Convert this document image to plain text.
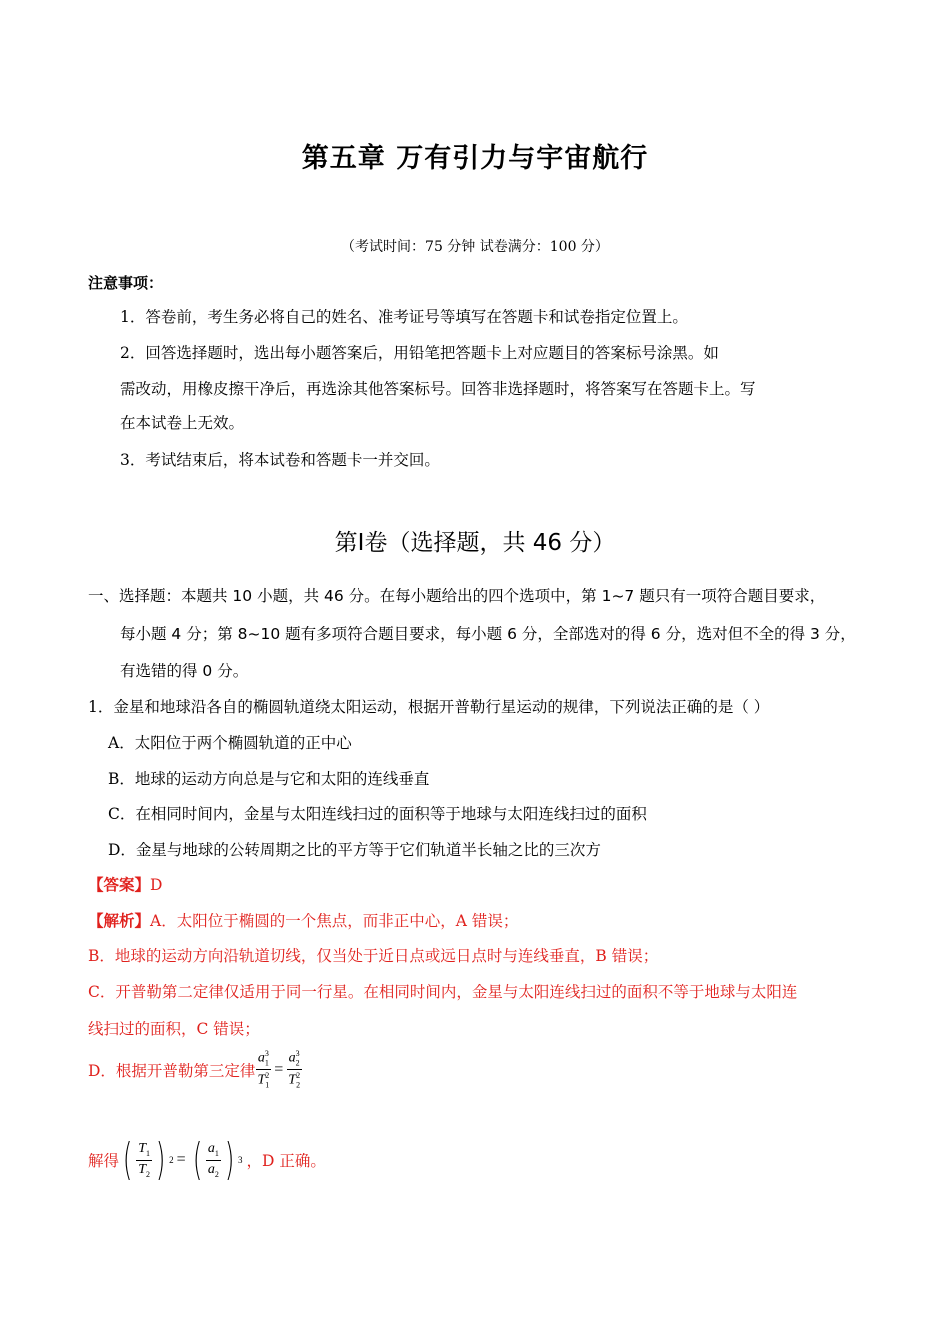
第五章 万有引力与宇宙航行
（考试时间：75 分钟 试卷满分：100 分）
注意事项：
1．答卷前，考生务必将自己的姓名、准考证号等填写在答题卡和试卷指定位置上。
2．回答选择题时，选出每小题答案后，用铅笔把答题卡上对应题目的答案标号涂黑。如
需改动，用橡皮擦干净后，再选涂其他答案标号。回答非选择题时，将答案写在答题卡上。写
在本试卷上无效。
3．考试结束后，将本试卷和答题卡一并交回。
第Ⅰ卷（选择题，共 46 分）
一、选择题：本题共 10 小题，共 46 分。在每小题给出的四个选项中，第 1~7 题只有一项符合题目要求，
每小题 4 分；第 8~10 题有多项符合题目要求，每小题 6 分，全部选对的得 6 分，选对但不全的得 3 分，
有选错的得 0 分。
1．金星和地球沿各自的椭圆轨道绕太阳运动，根据开普勒行星运动的规律，下列说法正确的是（ ）
A．太阳位于两个椭圆轨道的正中心
B．地球的运动方向总是与它和太阳的连线垂直
C．在相同时间内，金星与太阳连线扫过的面积等于地球与太阳连线扫过的面积
D．金星与地球的公转周期之比的平方等于它们轨道半长轴之比的三次方
【答案】D
【解析】A．太阳位于椭圆的一个焦点，而非正中心，A 错误；
B．地球的运动方向沿轨道切线，仅当处于近日点或远日点时与连线垂直，B 错误；
C．开普勒第二定律仅适用于同一行星。在相同时间内，金星与太阳连线扫过的面积不等于地球与太阳连
线扫过的面积，C 错误；
D．根据开普勒第三定律 $\frac{a_1^3}{T_1^2} = \frac{a_2^3}{T_2^2}$
解得 ( $\frac{T_1}{T_2}$ ) 2 = ( $\frac{a_1}{a_2}$ ) 3 ，D 正确。
